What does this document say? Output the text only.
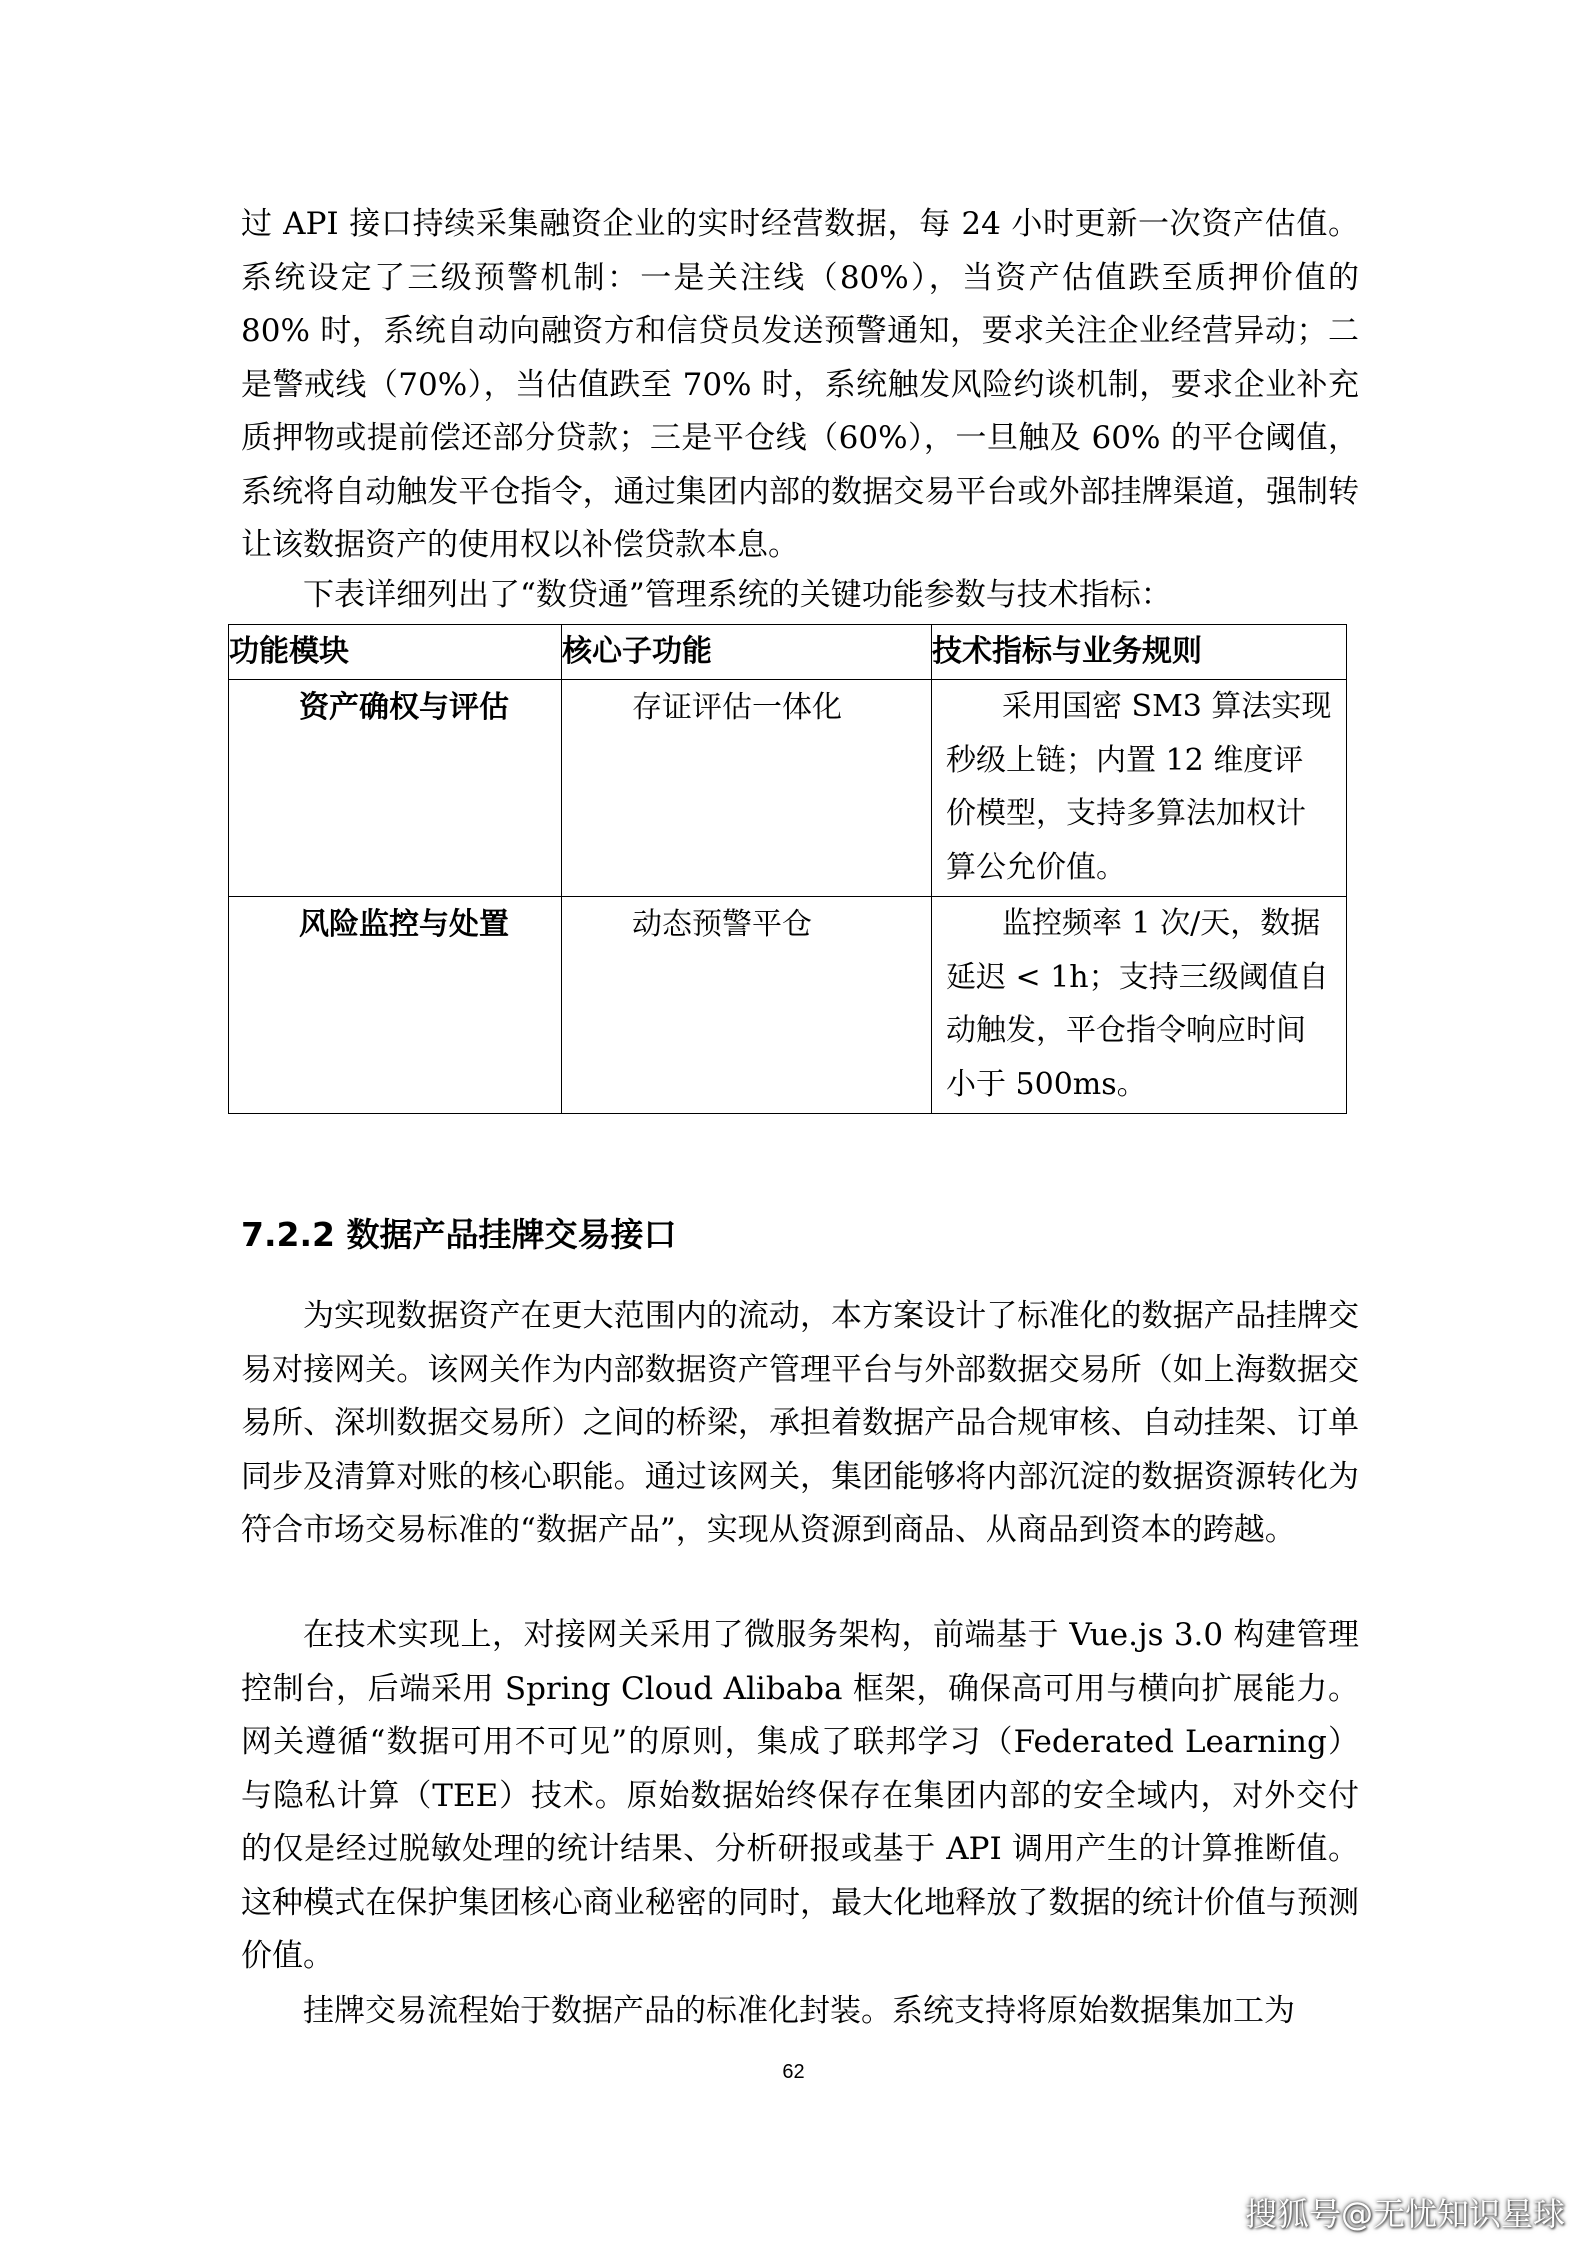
过 API 接口持续采集融资企业的实时经营数据，每 24 小时更新一次资产估值。系统设定了三级预警机制：一是关注线（80%），当资产估值跌至质押价值的 80% 时，系统自动向融资方和信贷员发送预警通知，要求关注企业经营异动；二是警戒线（70%），当估值跌至 70% 时，系统触发风险约谈机制，要求企业补充质押物或提前偿还部分贷款；三是平仓线（60%），一旦触及 60% 的平仓阈值，系统将自动触发平仓指令，通过集团内部的数据交易平台或外部挂牌渠道，强制转让该数据资产的使用权以补偿贷款本息。

下表详细列出了“数贷通”管理系统的关键功能参数与技术指标：

功能模块	核心子功能	技术指标与业务规则
资产确权与评估	存证评估一体化	采用国密 SM3 算法实现秒级上链；内置 12 维度评价模型，支持多算法加权计算公允价值。
风险监控与处置	动态预警平仓	监控频率 1 次/天，数据延迟 < 1h；支持三级阈值自动触发，平仓指令响应时间小于 500ms。
7.2.2 数据产品挂牌交易接口

为实现数据资产在更大范围内的流动，本方案设计了标准化的数据产品挂牌交易对接网关。该网关作为内部数据资产管理平台与外部数据交易所（如上海数据交易所、深圳数据交易所）之间的桥梁，承担着数据产品合规审核、自动挂架、订单同步及清算对账的核心职能。通过该网关，集团能够将内部沉淀的数据资源转化为符合市场交易标准的“数据产品”，实现从资源到商品、从商品到资本的跨越。

在技术实现上，对接网关采用了微服务架构，前端基于 Vue.js 3.0 构建管理控制台，后端采用 Spring Cloud Alibaba 框架，确保高可用与横向扩展能力。网关遵循“数据可用不可见”的原则，集成了联邦学习（Federated Learning）与隐私计算（TEE）技术。原始数据始终保存在集团内部的安全域内，对外交付的仅是经过脱敏处理的统计结果、分析研报或基于 API 调用产生的计算推断值。这种模式在保护集团核心商业秘密的同时，最大化地释放了数据的统计价值与预测价值。

挂牌交易流程始于数据产品的标准化封装。系统支持将原始数据集加工为

62
搜狐号@无忧知识星球
